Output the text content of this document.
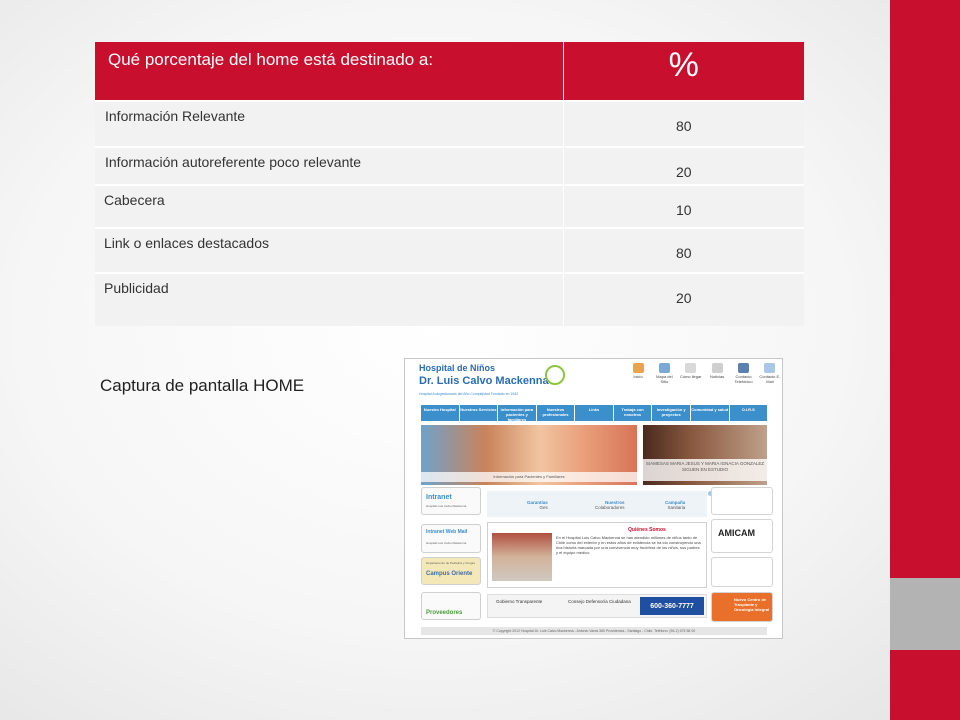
Qué porcentaje del home está destinado a:	%
Información Relevante	80
Información autoreferente poco relevante	20
Cabecera	10
Link o enlaces destacados	80
Publicidad	20
Captura de pantalla HOME
Hospital de Niños
Dr. Luis Calvo Mackenna
Hospital Autogestionado del Año Complejidad Fundado en 1942
Inicio	Mapa del Sitio
Cómo llegar	Noticias	Contacto Telefónico
Contacto E-Mail
Nuestro Hospital	Nuestros Servicios	Información para pacientes y familiares
Nuestros profesionales
Links	Trabaja con nosotros
Investigación y proyectos
Comunidad y salud	O.I.R.S
Información para Pacientes y Familiares
SIAMESAS MARIA JESUS Y MARIA IGNACIA GONZALEZ SIGUEN EN ESTUDIO
Intranet
Hospital Luis Calvo Mackenna
Intranet Web Mail
Hospital Luis Calvo Mackenna
Departamento de Pediatría y Cirugía
Campus Oriente
Proveedores
Garantías
Ges
Nuestros
Colaboradores
Campaña
Sanitaria
Quiénes Somos
En el Hospital Luis Calvo Mackenna se han atendido millones de niños tanto de Chile como del exterior y en estos años de existencia se ha ido construyendo una rica historia marcada por una convivencia muy fructífera de los niños, sus padres y el equipo médico.
Gobierno Transparente	Consejo Defensoría Ciudadana
600-360-7777
AMICAM
Nuevo Centro de Trasplante y Oncología Integral
© Copyright 2012 Hospital Dr. Luis Calvo Mackenna - Antonio Varas 360 Providencia - Santiago - Chile. Teléfono: (56-2) 575 58 00
